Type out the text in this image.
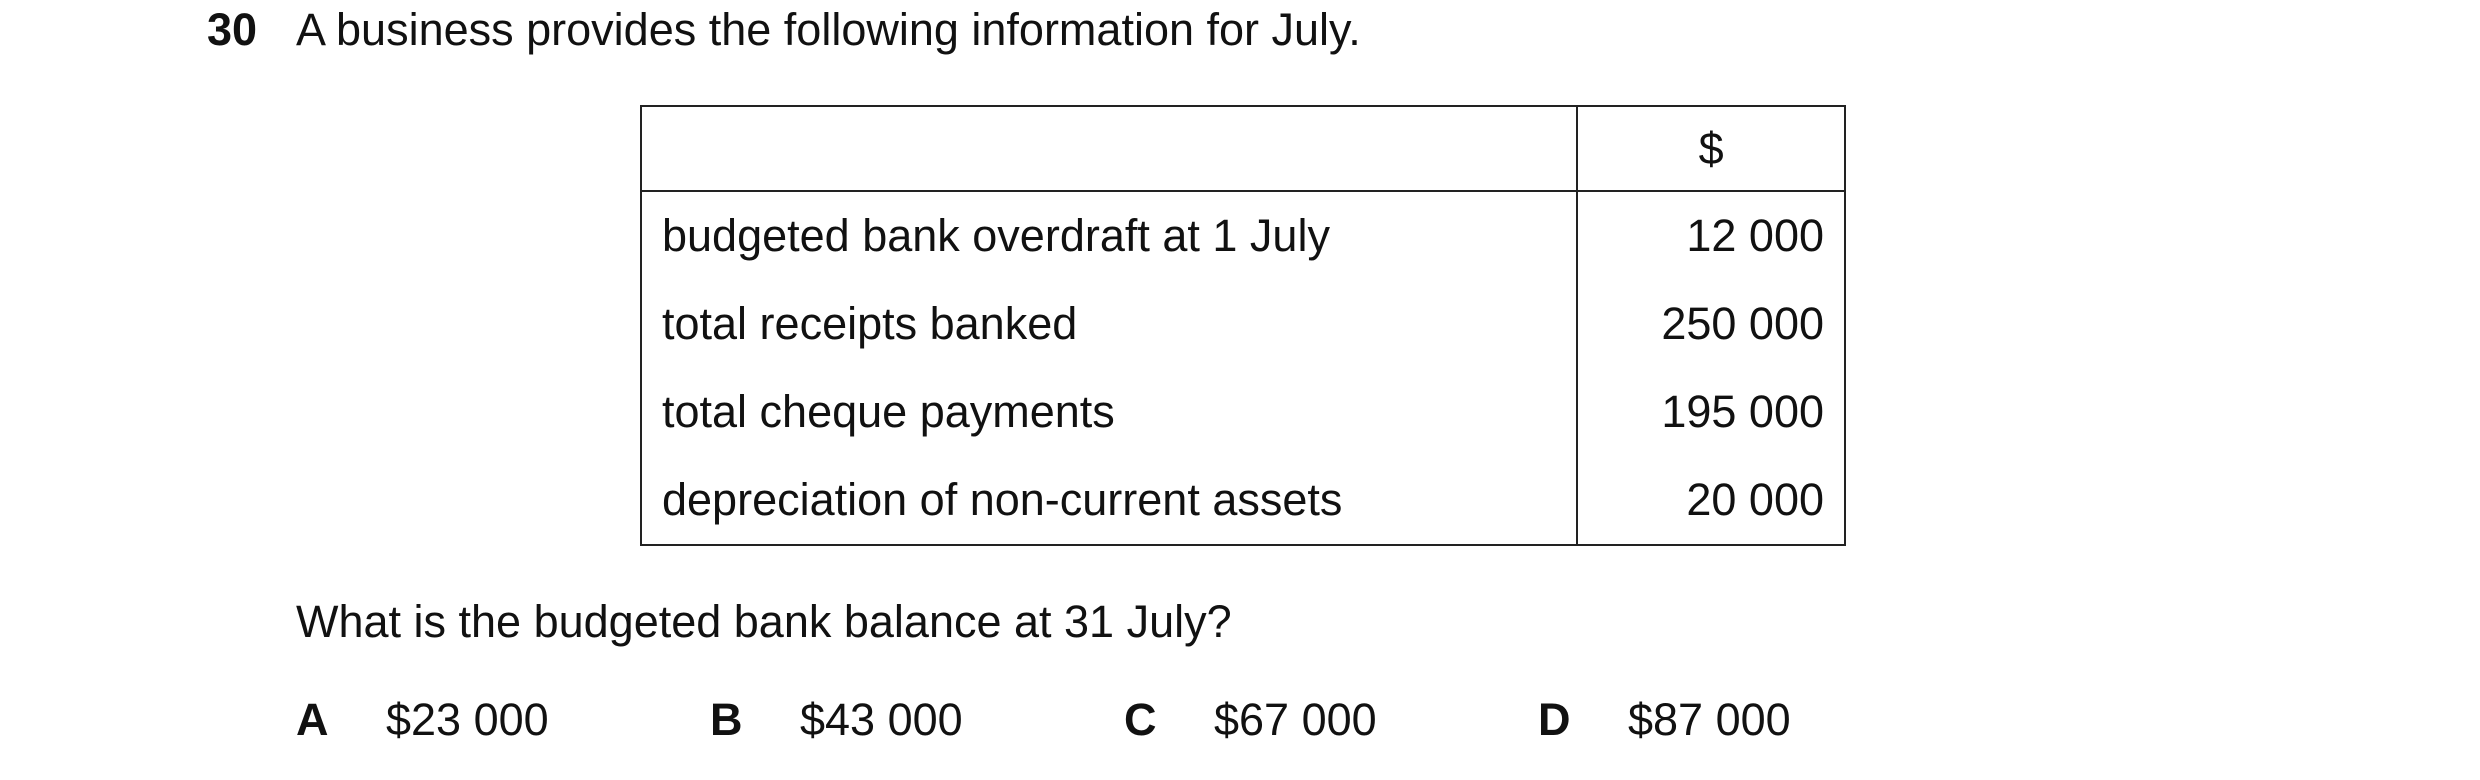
30 A business provides the following information for July.
	$
budgeted bank overdraft at 1 July	12 000
total receipts banked	250 000
total cheque payments	195 000
depreciation of non-current assets	20 000
What is the budgeted bank balance at 31 July?
A $23 000	B $43 000	C $67 000	D $87 000
